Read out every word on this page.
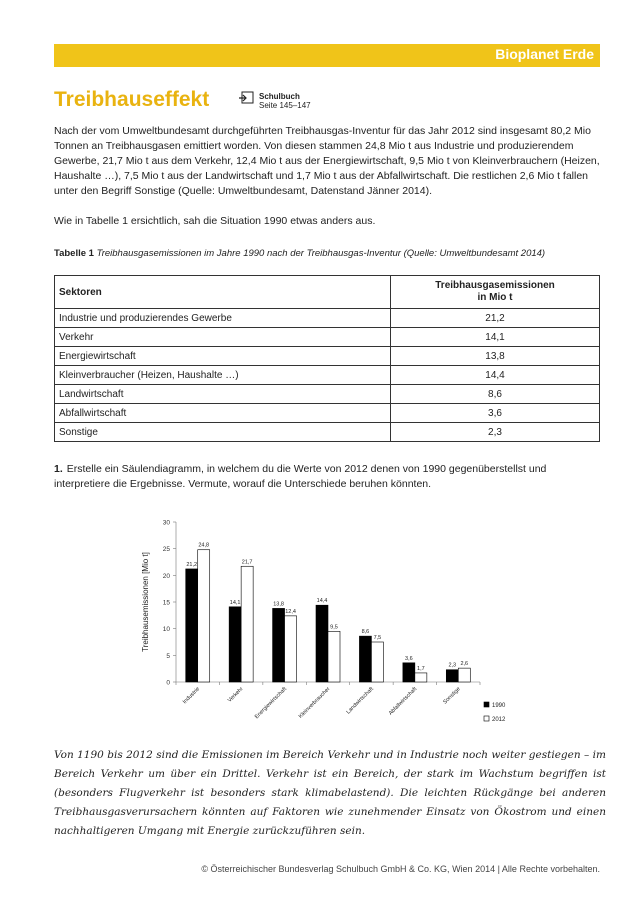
Bioplanet Erde
Treibhauseffekt	Schulbuch
Seite 145–147

Nach der vom Umweltbundesamt durchgeführten Treibhausgas-Inventur für das Jahr 2012 sind insgesamt 80,2 Mio Tonnen an Treibhausgasen emittiert worden. Von diesen stammen 24,8 Mio t aus Industrie und produzierendem Gewerbe, 21,7 Mio t aus dem Verkehr, 12,4 Mio t aus der Energiewirtschaft, 9,5 Mio t von Kleinverbrauchern (Heizen, Haushalte …), 7,5 Mio t aus der Landwirtschaft und 1,7 Mio t aus der Abfallwirtschaft. Die restlichen 2,6 Mio t fallen unter den Begriff Sonstige (Quelle: Umweltbundesamt, Datenstand Jänner 2014).

Wie in Tabelle 1 ersichtlich, sah die Situation 1990 etwas anders aus.

Tabelle 1 Treibhausgasemissionen im Jahre 1990 nach der Treibhausgas-Inventur (Quelle: Umweltbundesamt 2014)

Sektoren	Treibhausgasemissionen
in Mio t

Industrie und produzierendes Gewerbe	21,2
Verkehr	14,1
Energiewirtschaft	13,8
Kleinverbraucher (Heizen, Haushalte …)	14,4
Landwirtschaft	8,6
Abfallwirtschaft	3,6
Sonstige	2,3

1. Erstelle ein Säulendiagramm, in welchem du die Werte von 2012 denen von 1990 gegenüberstellst und interpretiere die Ergebnisse. Vermute, worauf die Unterschiede beruhen könnten.

0
5
10
15
20
25
30
Treibhausemissionen [Mio t]	21,2
24,8
Industrie
14,1
21,7
Verkehr
13,8
12,4
Energiewirtschaft
14,4
9,5
Kleinverbraucher
8,6
7,5
Landwirtschaft
3,6
1,7
Abfallwirtschaft
2,3 2,6
Sonstige
1990
2012

Von 1190 bis 2012 sind die Emissionen im Bereich Verkehr und in Industrie noch weiter gestiegen – im Bereich Verkehr um über ein Drittel. Verkehr ist ein Bereich, der stark im Wachstum begriffen ist (besonders Flugverkehr ist besonders stark klimabelastend). Die leichten Rückgänge bei anderen Treibhausgasverursachern könnten auf Faktoren wie zunehmender Einsatz von Ökostrom und einen nachhaltigeren Umgang mit Energie zurückzuführen sein.

© Österreichischer Bundesverlag Schulbuch GmbH & Co. KG, Wien 2014 | Alle Rechte vorbehalten.
